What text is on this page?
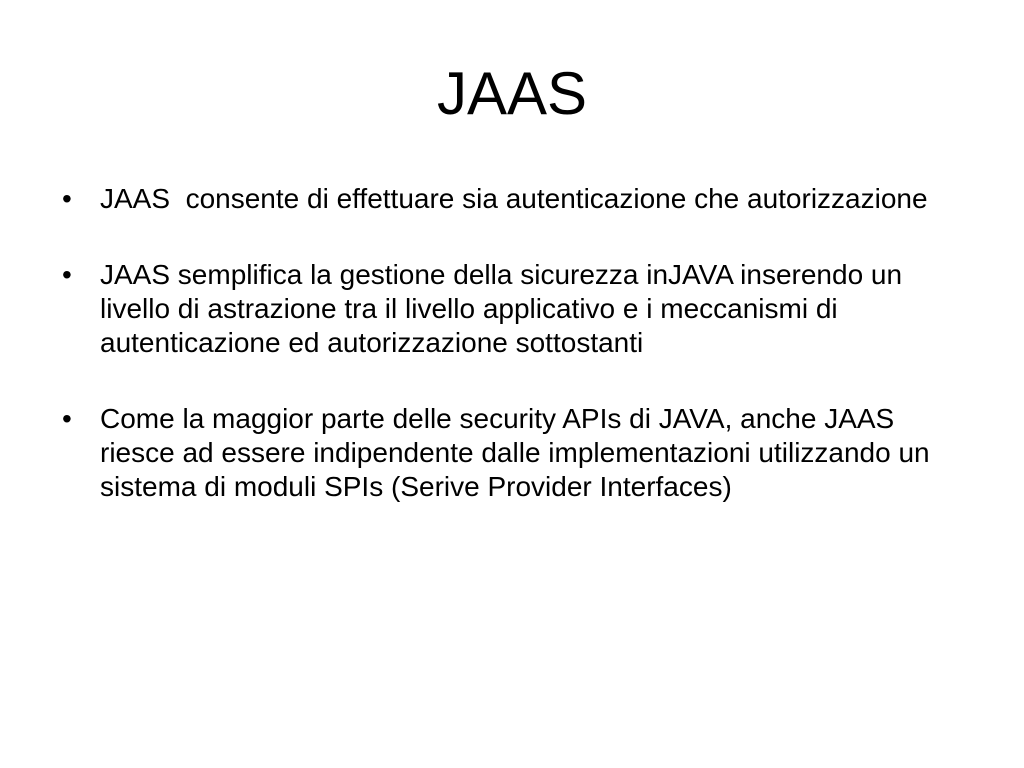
JAAS
•	JAAS  consente di effettuare sia autenticazione che autorizzazione
•	JAAS semplifica la gestione della sicurezza inJAVA inserendo un livello di astrazione tra il livello applicativo e i meccanismi di autenticazione ed autorizzazione sottostanti
•	Come la maggior parte delle security APIs di JAVA, anche JAAS riesce ad essere indipendente dalle implementazioni utilizzando un sistema di moduli SPIs (Serive Provider Interfaces)
